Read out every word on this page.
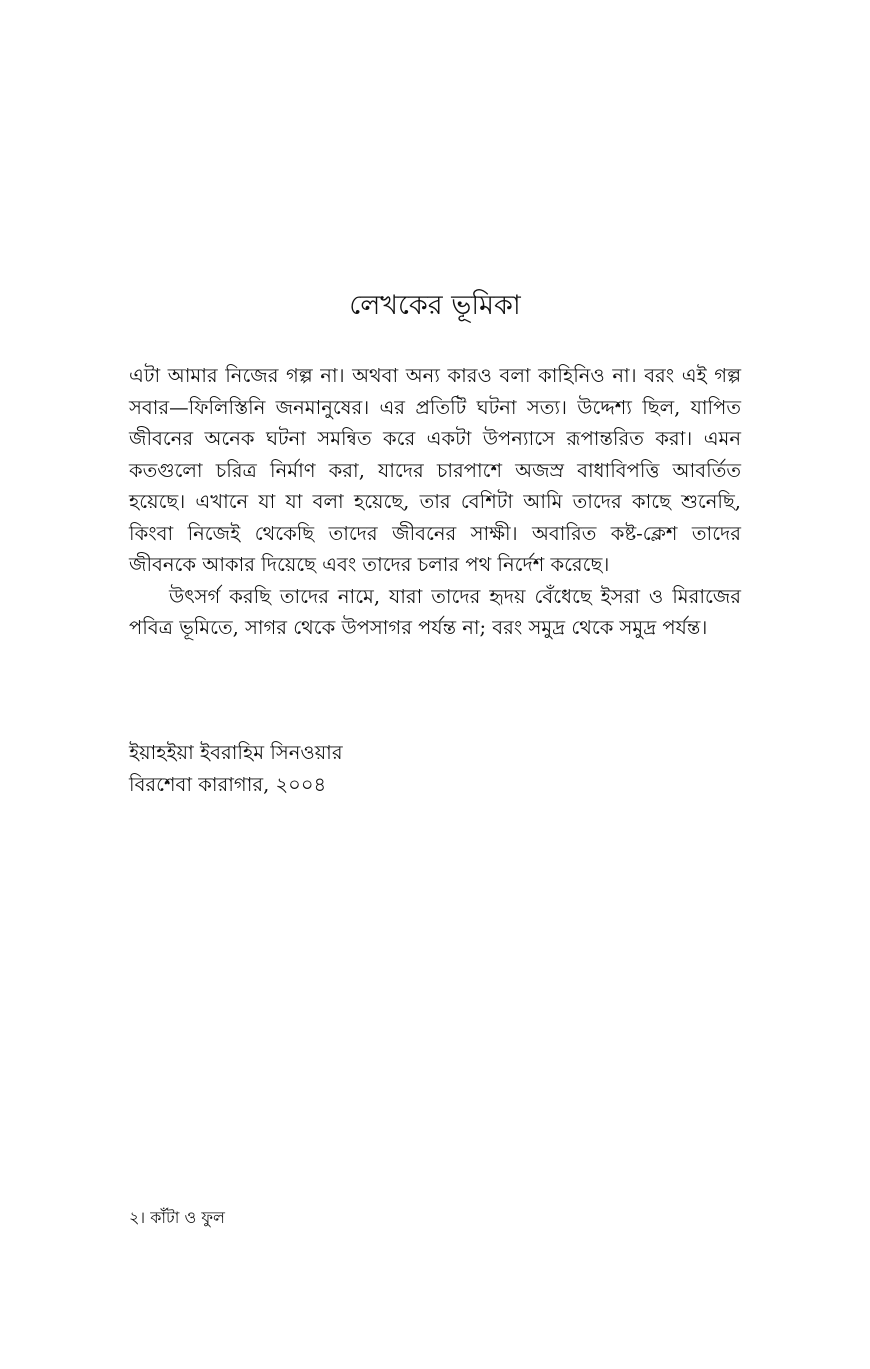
লেখকের ভূমিকা

এটা আমার নিজের গল্প না। অথবা অন্য কারও বলা কাহিনিও না। বরং এই গল্প সবার—ফিলিস্তিনি জনমানুষের। এর প্রতিটি ঘটনা সত্য। উদ্দেশ্য ছিল, যাপিত জীবনের অনেক ঘটনা সমন্বিত করে একটা উপন্যাসে রূপান্তরিত করা। এমন কতগুলো চরিত্র নির্মাণ করা, যাদের চারপাশে অজস্র বাধাবিপত্তি আবর্তিত হয়েছে। এখানে যা যা বলা হয়েছে, তার বেশিটা আমি তাদের কাছে শুনেছি, কিংবা নিজেই থেকেছি তাদের জীবনের সাক্ষী। অবারিত কষ্ট-ক্লেশ তাদের জীবনকে আকার দিয়েছে এবং তাদের চলার পথ নির্দেশ করেছে।

উৎসর্গ করছি তাদের নামে, যারা তাদের হৃদয় বেঁধেছে ইসরা ও মিরাজের পবিত্র ভূমিতে, সাগর থেকে উপসাগর পর্যন্ত না; বরং সমুদ্র থেকে সমুদ্র পর্যন্ত।

ইয়াহইয়া ইবরাহিম সিনওয়ার
বিরশেবা কারাগার, ২০০৪
২। কাঁটা ও ফুল
